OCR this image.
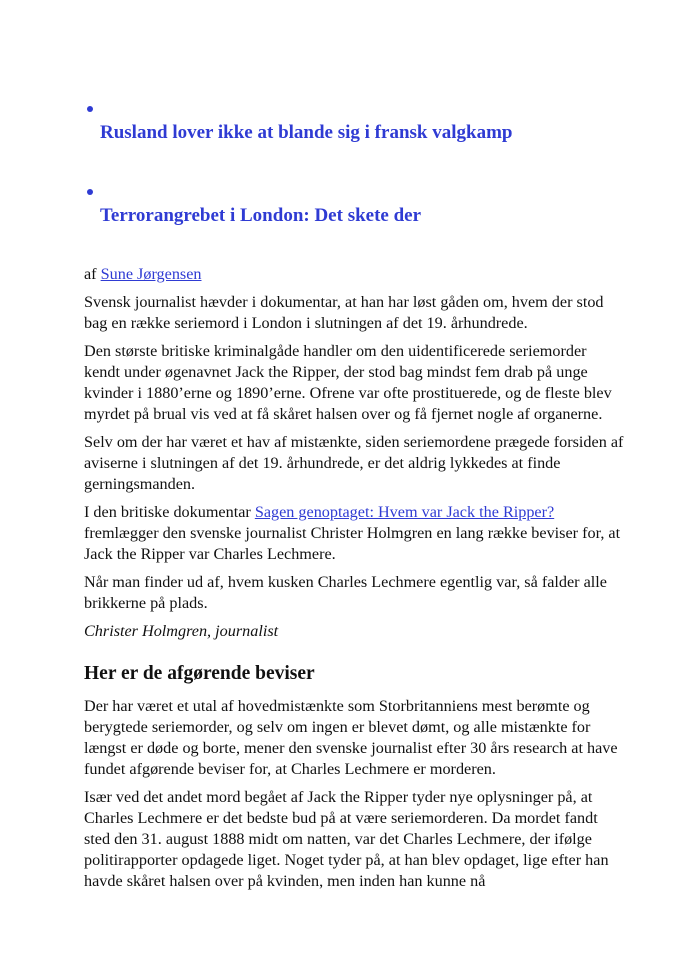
Rusland lover ikke at blande sig i fransk valgkamp
Terrorangrebet i London: Det skete der

af Sune Jørgensen

Svensk journalist hævder i dokumentar, at han har løst gåden om, hvem der stod bag en række seriemord i London i slutningen af det 19. århundrede.

Den største britiske kriminalgåde handler om den uidentificerede seriemorder kendt under øgenavnet Jack the Ripper, der stod bag mindst fem drab på unge kvinder i 1880’erne og 1890’erne. Ofrene var ofte prostituerede, og de fleste blev myrdet på brual vis ved at få skåret halsen over og få fjernet nogle af organerne.

Selv om der har været et hav af mistænkte, siden seriemordene prægede forsiden af aviserne i slutningen af det 19. århundrede, er det aldrig lykkedes at finde gerningsmanden.

I den britiske dokumentar Sagen genoptaget: Hvem var Jack the Ripper? fremlægger den svenske journalist Christer Holmgren en lang række beviser for, at Jack the Ripper var Charles Lechmere.

Når man finder ud af, hvem kusken Charles Lechmere egentlig var, så falder alle brikkerne på plads.

Christer Holmgren, journalist

Her er de afgørende beviser

Der har været et utal af hovedmistænkte som Storbritanniens mest berømte og berygtede seriemorder, og selv om ingen er blevet dømt, og alle mistænkte for længst er døde og borte, mener den svenske journalist efter 30 års research at have fundet afgørende beviser for, at Charles Lechmere er morderen.

Især ved det andet mord begået af Jack the Ripper tyder nye oplysninger på, at Charles Lechmere er det bedste bud på at være seriemorderen. Da mordet fandt sted den 31. august 1888 midt om natten, var det Charles Lechmere, der ifølge politirapporter opdagede liget. Noget tyder på, at han blev opdaget, lige efter han havde skåret halsen over på kvinden, men inden han kunne nå
